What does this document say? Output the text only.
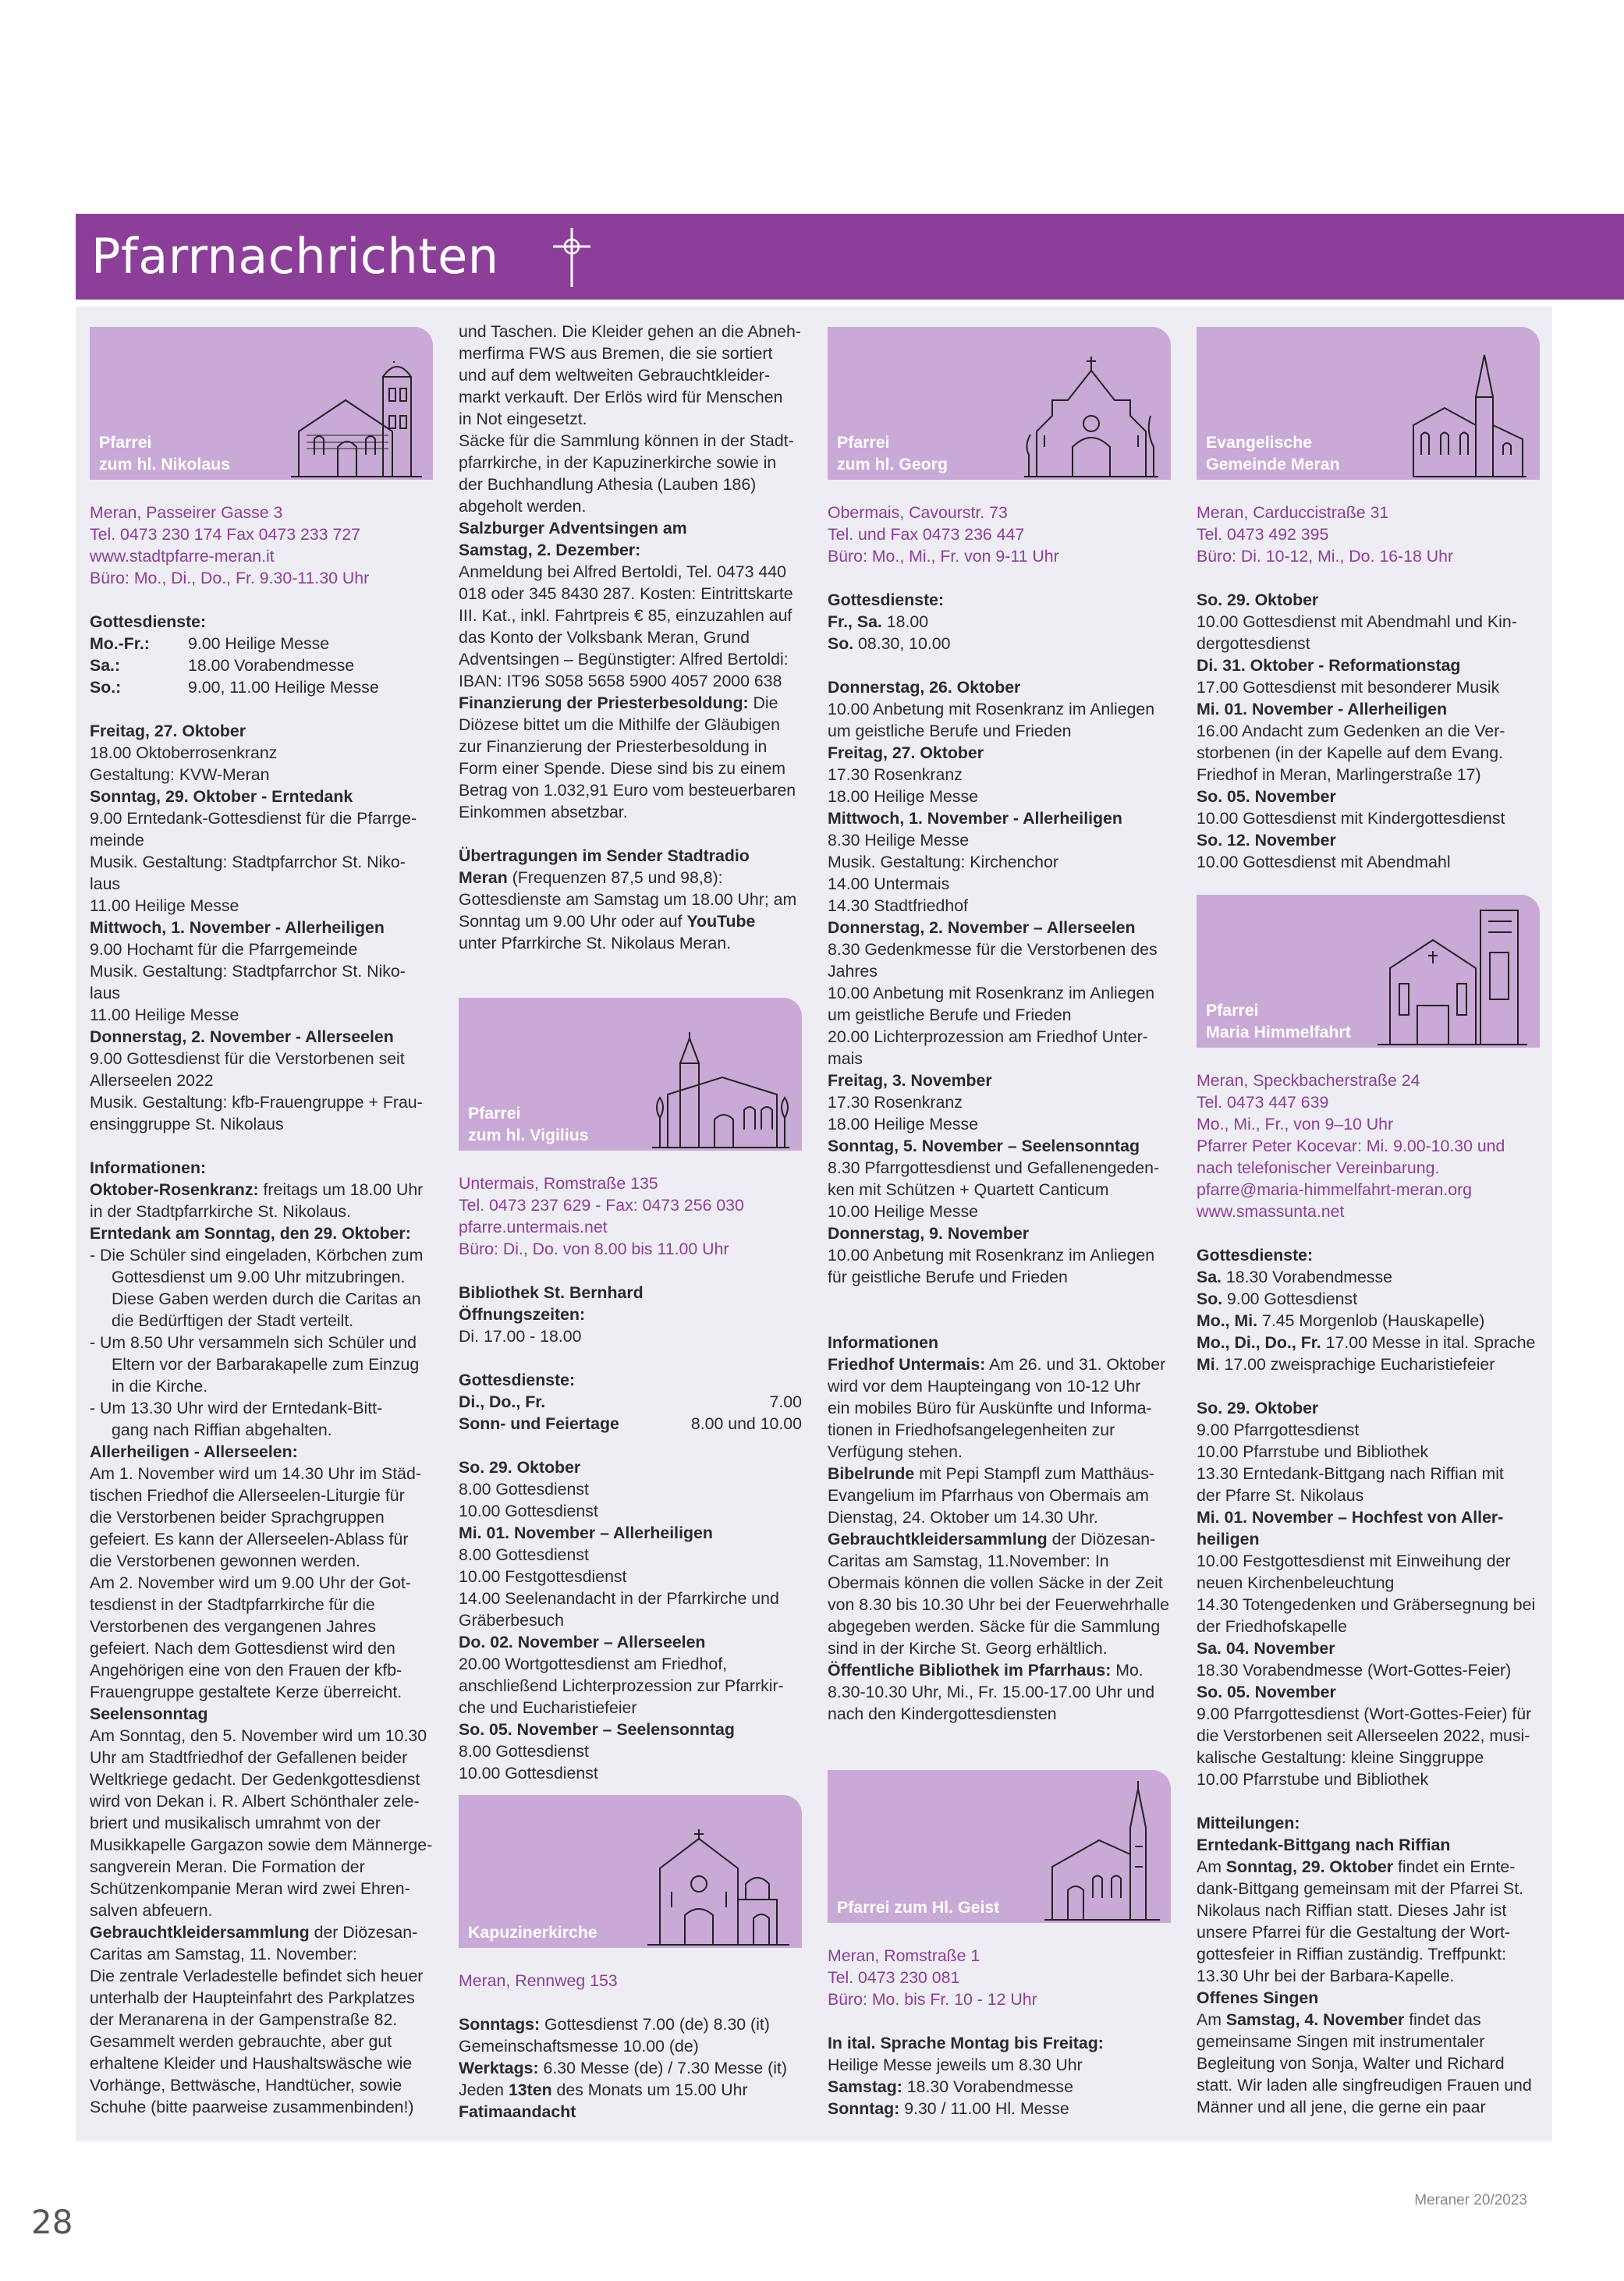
Pfarrnachrichten
Pfarrei
zum hl. Nikolaus

Meran, Passeirer Gasse 3

Tel. 0473 230 174 Fax 0473 233 727

www.stadtpfarre-meran.it

Büro: Mo., Di., Do., Fr. 9.30-11.30 Uhr

Gottesdienste:

Mo.-Fr.:	9.00 Heilige Messe
Sa.:	18.00 Vorabendmesse
So.:	9.00, 11.00 Heilige Messe

Freitag, 27. Oktober

18.00 Oktoberrosenkranz

Gestaltung: KVW-Meran

Sonntag, 29. Oktober - Erntedank

9.00 Erntedank-Gottesdienst für die Pfarrge-

meinde

Musik. Gestaltung: Stadtpfarrchor St. Niko-

laus

11.00 Heilige Messe

Mittwoch, 1. November - Allerheiligen

9.00 Hochamt für die Pfarrgemeinde

Musik. Gestaltung: Stadtpfarrchor St. Niko-

laus

11.00 Heilige Messe

Donnerstag, 2. November - Allerseelen

9.00 Gottesdienst für die Verstorbenen seit

Allerseelen 2022

Musik. Gestaltung: kfb-Frauengruppe + Frau-

ensinggruppe St. Nikolaus

Informationen:

Oktober-Rosenkranz: freitags um 18.00 Uhr

in der Stadtpfarrkirche St. Nikolaus.

Erntedank am Sonntag, den 29. Oktober:

- Die Schüler sind eingeladen, Körbchen zum

Gottesdienst um 9.00 Uhr mitzubringen.

Diese Gaben werden durch die Caritas an

die Bedürftigen der Stadt verteilt.

- Um 8.50 Uhr versammeln sich Schüler und

Eltern vor der Barbarakapelle zum Einzug

in die Kirche.

- Um 13.30 Uhr wird der Erntedank-Bitt-

gang nach Riffian abgehalten.

Allerheiligen - Allerseelen:

Am 1. November wird um 14.30 Uhr im Städ-

tischen Friedhof die Allerseelen-Liturgie für

die Verstorbenen beider Sprachgruppen

gefeiert. Es kann der Allerseelen-Ablass für

die Verstorbenen gewonnen werden.

Am 2. November wird um 9.00 Uhr der Got-

tesdienst in der Stadtpfarrkirche für die

Verstorbenen des vergangenen Jahres

gefeiert. Nach dem Gottesdienst wird den

Angehörigen eine von den Frauen der kfb-

Frauengruppe gestaltete Kerze überreicht.

Seelensonntag

Am Sonntag, den 5. November wird um 10.30

Uhr am Stadtfriedhof der Gefallenen beider

Weltkriege gedacht. Der Gedenkgottesdienst

wird von Dekan i. R. Albert Schönthaler zele-

briert und musikalisch umrahmt von der

Musikkapelle Gargazon sowie dem Männerge-

sangverein Meran. Die Formation der

Schützenkompanie Meran wird zwei Ehren-

salven abfeuern.

Gebrauchtkleidersammlung der Diözesan-

Caritas am Samstag, 11. November:

Die zentrale Verladestelle befindet sich heuer

unterhalb der Haupteinfahrt des Parkplatzes

der Meranarena in der Gampenstraße 82.

Gesammelt werden gebrauchte, aber gut

erhaltene Kleider und Haushaltswäsche wie

Vorhänge, Bettwäsche, Handtücher, sowie

Schuhe (bitte paarweise zusammenbinden!)

und Taschen. Die Kleider gehen an die Abneh-

merfirma FWS aus Bremen, die sie sortiert

und auf dem weltweiten Gebrauchtkleider-

markt verkauft. Der Erlös wird für Menschen

in Not eingesetzt.

Säcke für die Sammlung können in der Stadt-

pfarrkirche, in der Kapuzinerkirche sowie in

der Buchhandlung Athesia (Lauben 186)

abgeholt werden.

Salzburger Adventsingen am

Samstag, 2. Dezember:

Anmeldung bei Alfred Bertoldi, Tel. 0473 440

018 oder 345 8430 287. Kosten: Eintrittskarte

III. Kat., inkl. Fahrtpreis € 85, einzuzahlen auf

das Konto der Volksbank Meran, Grund

Adventsingen – Begünstigter: Alfred Bertoldi:

IBAN: IT96 S058 5658 5900 4057 2000 638

Finanzierung der Priesterbesoldung: Die

Diözese bittet um die Mithilfe der Gläubigen

zur Finanzierung der Priesterbesoldung in

Form einer Spende. Diese sind bis zu einem

Betrag von 1.032,91 Euro vom besteuerbaren

Einkommen absetzbar.

Übertragungen im Sender Stadtradio

Meran (Frequenzen 87,5 und 98,8):

Gottesdienste am Samstag um 18.00 Uhr; am

Sonntag um 9.00 Uhr oder auf YouTube

unter Pfarrkirche St. Nikolaus Meran.

Pfarrei
zum hl. Vigilius

Untermais, Romstraße 135

Tel. 0473 237 629 - Fax: 0473 256 030

pfarre.untermais.net

Büro: Di., Do. von 8.00 bis 11.00 Uhr

Bibliothek St. Bernhard

Öffnungszeiten:

Di. 17.00 - 18.00

Gottesdienste:

Di., Do., Fr.	7.00
Sonn- und Feiertage	8.00 und 10.00

So. 29. Oktober

8.00 Gottesdienst

10.00 Gottesdienst

Mi. 01. November – Allerheiligen

8.00 Gottesdienst

10.00 Festgottesdienst

14.00 Seelenandacht in der Pfarrkirche und

Gräberbesuch

Do. 02. November – Allerseelen

20.00 Wortgottesdienst am Friedhof,

anschließend Lichterprozession zur Pfarrkir-

che und Eucharistiefeier

So. 05. November – Seelensonntag

8.00 Gottesdienst

10.00 Gottesdienst

Kapuzinerkirche

Meran, Rennweg 153

Sonntags: Gottesdienst 7.00 (de) 8.30 (it)

Gemeinschaftsmesse 10.00 (de)

Werktags: 6.30 Messe (de) / 7.30 Messe (it)

Jeden 13ten des Monats um 15.00 Uhr

Fatimaandacht

Pfarrei
zum hl. Georg

Obermais, Cavourstr. 73

Tel. und Fax 0473 236 447

Büro: Mo., Mi., Fr. von 9-11 Uhr

Gottesdienste:

Fr., Sa. 18.00

So. 08.30, 10.00

Donnerstag, 26. Oktober

10.00 Anbetung mit Rosenkranz im Anliegen

um geistliche Berufe und Frieden

Freitag, 27. Oktober

17.30 Rosenkranz

18.00 Heilige Messe

Mittwoch, 1. November - Allerheiligen

8.30 Heilige Messe

Musik. Gestaltung: Kirchenchor

14.00 Untermais

14.30 Stadtfriedhof

Donnerstag, 2. November – Allerseelen

8.30 Gedenkmesse für die Verstorbenen des

Jahres

10.00 Anbetung mit Rosenkranz im Anliegen

um geistliche Berufe und Frieden

20.00 Lichterprozession am Friedhof Unter-

mais

Freitag, 3. November

17.30 Rosenkranz

18.00 Heilige Messe

Sonntag, 5. November – Seelensonntag

8.30 Pfarrgottesdienst und Gefallenengeden-

ken mit Schützen + Quartett Canticum

10.00 Heilige Messe

Donnerstag, 9. November

10.00 Anbetung mit Rosenkranz im Anliegen

für geistliche Berufe und Frieden

Informationen

Friedhof Untermais: Am 26. und 31. Oktober

wird vor dem Haupteingang von 10-12 Uhr

ein mobiles Büro für Auskünfte und Informa-

tionen in Friedhofsangelegenheiten zur

Verfügung stehen.

Bibelrunde mit Pepi Stampfl zum Matthäus-

Evangelium im Pfarrhaus von Obermais am

Dienstag, 24. Oktober um 14.30 Uhr.

Gebrauchtkleidersammlung der Diözesan-

Caritas am Samstag, 11.November: In

Obermais können die vollen Säcke in der Zeit

von 8.30 bis 10.30 Uhr bei der Feuerwehrhalle

abgegeben werden. Säcke für die Sammlung

sind in der Kirche St. Georg erhältlich.

Öffentliche Bibliothek im Pfarrhaus: Mo.

8.30-10.30 Uhr, Mi., Fr. 15.00-17.00 Uhr und

nach den Kindergottesdiensten

Pfarrei zum Hl. Geist

Meran, Romstraße 1

Tel. 0473 230 081

Büro: Mo. bis Fr. 10 - 12 Uhr

In ital. Sprache Montag bis Freitag:

Heilige Messe jeweils um 8.30 Uhr

Samstag: 18.30 Vorabendmesse

Sonntag: 9.30 / 11.00 Hl. Messe

Evangelische
Gemeinde Meran

Meran, Carduccistraße 31

Tel. 0473 492 395

Büro: Di. 10-12, Mi., Do. 16-18 Uhr

So. 29. Oktober

10.00 Gottesdienst mit Abendmahl und Kin-

dergottesdienst

Di. 31. Oktober - Reformationstag

17.00 Gottesdienst mit besonderer Musik

Mi. 01. November - Allerheiligen

16.00 Andacht zum Gedenken an die Ver-

storbenen (in der Kapelle auf dem Evang.

Friedhof in Meran, Marlingerstraße 17)

So. 05. November

10.00 Gottesdienst mit Kindergottesdienst

So. 12. November

10.00 Gottesdienst mit Abendmahl

Pfarrei
Maria Himmelfahrt

Meran, Speckbacherstraße 24

Tel. 0473 447 639

Mo., Mi., Fr., von 9–10 Uhr

Pfarrer Peter Kocevar: Mi. 9.00-10.30 und

nach telefonischer Vereinbarung.

pfarre@maria-himmelfahrt-meran.org

www.smassunta.net

Gottesdienste:

Sa. 18.30 Vorabendmesse

So. 9.00 Gottesdienst

Mo., Mi. 7.45 Morgenlob (Hauskapelle)

Mo., Di., Do., Fr. 17.00 Messe in ital. Sprache

Mi. 17.00 zweisprachige Eucharistiefeier

So. 29. Oktober

9.00 Pfarrgottesdienst

10.00 Pfarrstube und Bibliothek

13.30 Erntedank-Bittgang nach Riffian mit

der Pfarre St. Nikolaus

Mi. 01. November – Hochfest von Aller-

heiligen

10.00 Festgottesdienst mit Einweihung der

neuen Kirchenbeleuchtung

14.30 Totengedenken und Gräbersegnung bei

der Friedhofskapelle

Sa. 04. November

18.30 Vorabendmesse (Wort-Gottes-Feier)

So. 05. November

9.00 Pfarrgottesdienst (Wort-Gottes-Feier) für

die Verstorbenen seit Allerseelen 2022, musi-

kalische Gestaltung: kleine Singgruppe

10.00 Pfarrstube und Bibliothek

Mitteilungen:

Erntedank-Bittgang nach Riffian

Am Sonntag, 29. Oktober findet ein Ernte-

dank-Bittgang gemeinsam mit der Pfarrei St.

Nikolaus nach Riffian statt. Dieses Jahr ist

unsere Pfarrei für die Gestaltung der Wort-

gottesfeier in Riffian zuständig. Treffpunkt:

13.30 Uhr bei der Barbara-Kapelle.

Offenes Singen

Am Samstag, 4. November findet das

gemeinsame Singen mit instrumentaler

Begleitung von Sonja, Walter und Richard

statt. Wir laden alle singfreudigen Frauen und

Männer und all jene, die gerne ein paar

28
Meraner 20/2023
